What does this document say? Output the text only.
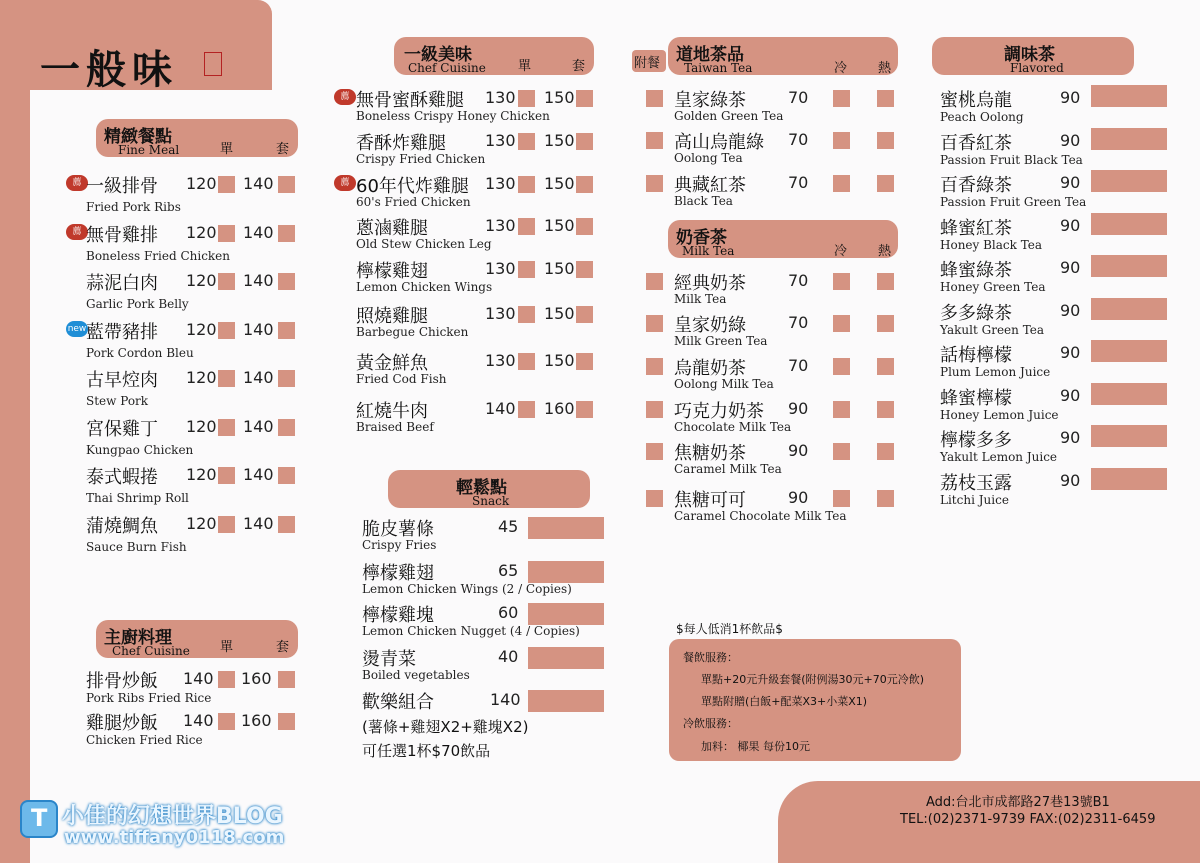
一般味
精緻餐點
Fine Meal	單	套
主廚料理
Chef Cuisine 單	套
一級美味
Chef Cuisine 單	套
輕鬆點
Snack
(薯條+雞翅X2+雞塊X2)
可任選1杯$70飲品
附餐 道地茶品
Taiwan Tea	冷 熱
奶香茶
Milk Tea	冷 熱
$每人低消1杯飲品$
餐飲服務：
單點+20元升級套餐(附例湯30元+70元冷飲)
單點附贈(白飯+配菜X3+小菜X1)
冷飲服務：
加料： 椰果 每份10元
調味茶
Flavored
Add:台北市成都路27巷13號B1
TEL:(02)2371-9739 FAX:(02)2311-6459
T 小佳的幻想世界BLOG
www.tiffany0118.com
薦 一級排骨 120 140
Fried Pork Ribs
薦 無骨雞排 120 140
Boneless Fried Chicken
蒜泥白肉 120 140
Garlic Pork Belly
new 藍帶豬排 120 140
Pork Cordon Bleu
古早焢肉 120 140
Stew Pork
宮保雞丁 120 140
Kungpao Chicken
泰式蝦捲 120 140
Thai Shrimp Roll
蒲燒鯛魚 120 140
Sauce Burn Fish
排骨炒飯 140 160
Pork Ribs Fried Rice
雞腿炒飯 140 160
Chicken Fried Rice
薦 無骨蜜酥雞腿 130 150
Boneless Crispy Honey Chicken
香酥炸雞腿 130 150
Crispy Fried Chicken
薦 60年代炸雞腿 130 150
60's Fried Chicken
蔥滷雞腿	130 150
Old Stew Chicken Leg
檸檬雞翅	130 150
Lemon Chicken Wings
照燒雞腿	130 150
Barbegue Chicken
黃金鮮魚	130 150
Fried Cod Fish
紅燒牛肉	140 160
Braised Beef
脆皮薯條	45
Crispy Fries
檸檬雞翅	65
Lemon Chicken Wings (2 / Copies)
檸檬雞塊	60
Lemon Chicken Nugget (4 / Copies)
燙青菜	40
Boiled vegetables
歡樂組合	140
皇家綠茶	70
Golden Green Tea
高山烏龍綠 70
Oolong Tea
典藏紅茶	70
Black Tea
經典奶茶	70
Milk Tea
皇家奶綠	70
Milk Green Tea
烏龍奶茶	70
Oolong Milk Tea
巧克力奶茶 90
Chocolate Milk Tea
焦糖奶茶	90
Caramel Milk Tea
焦糖可可	90
Caramel Chocolate Milk Tea
蜜桃烏龍	90
Peach Oolong
百香紅茶	90
Passion Fruit Black Tea
百香綠茶	90
Passion Fruit Green Tea
蜂蜜紅茶	90
Honey Black Tea
蜂蜜綠茶	90
Honey Green Tea
多多綠茶	90
Yakult Green Tea
話梅檸檬	90
Plum Lemon Juice
蜂蜜檸檬	90
Honey Lemon Juice
檸檬多多	90
Yakult Lemon Juice
荔枝玉露	90
Litchi Juice
